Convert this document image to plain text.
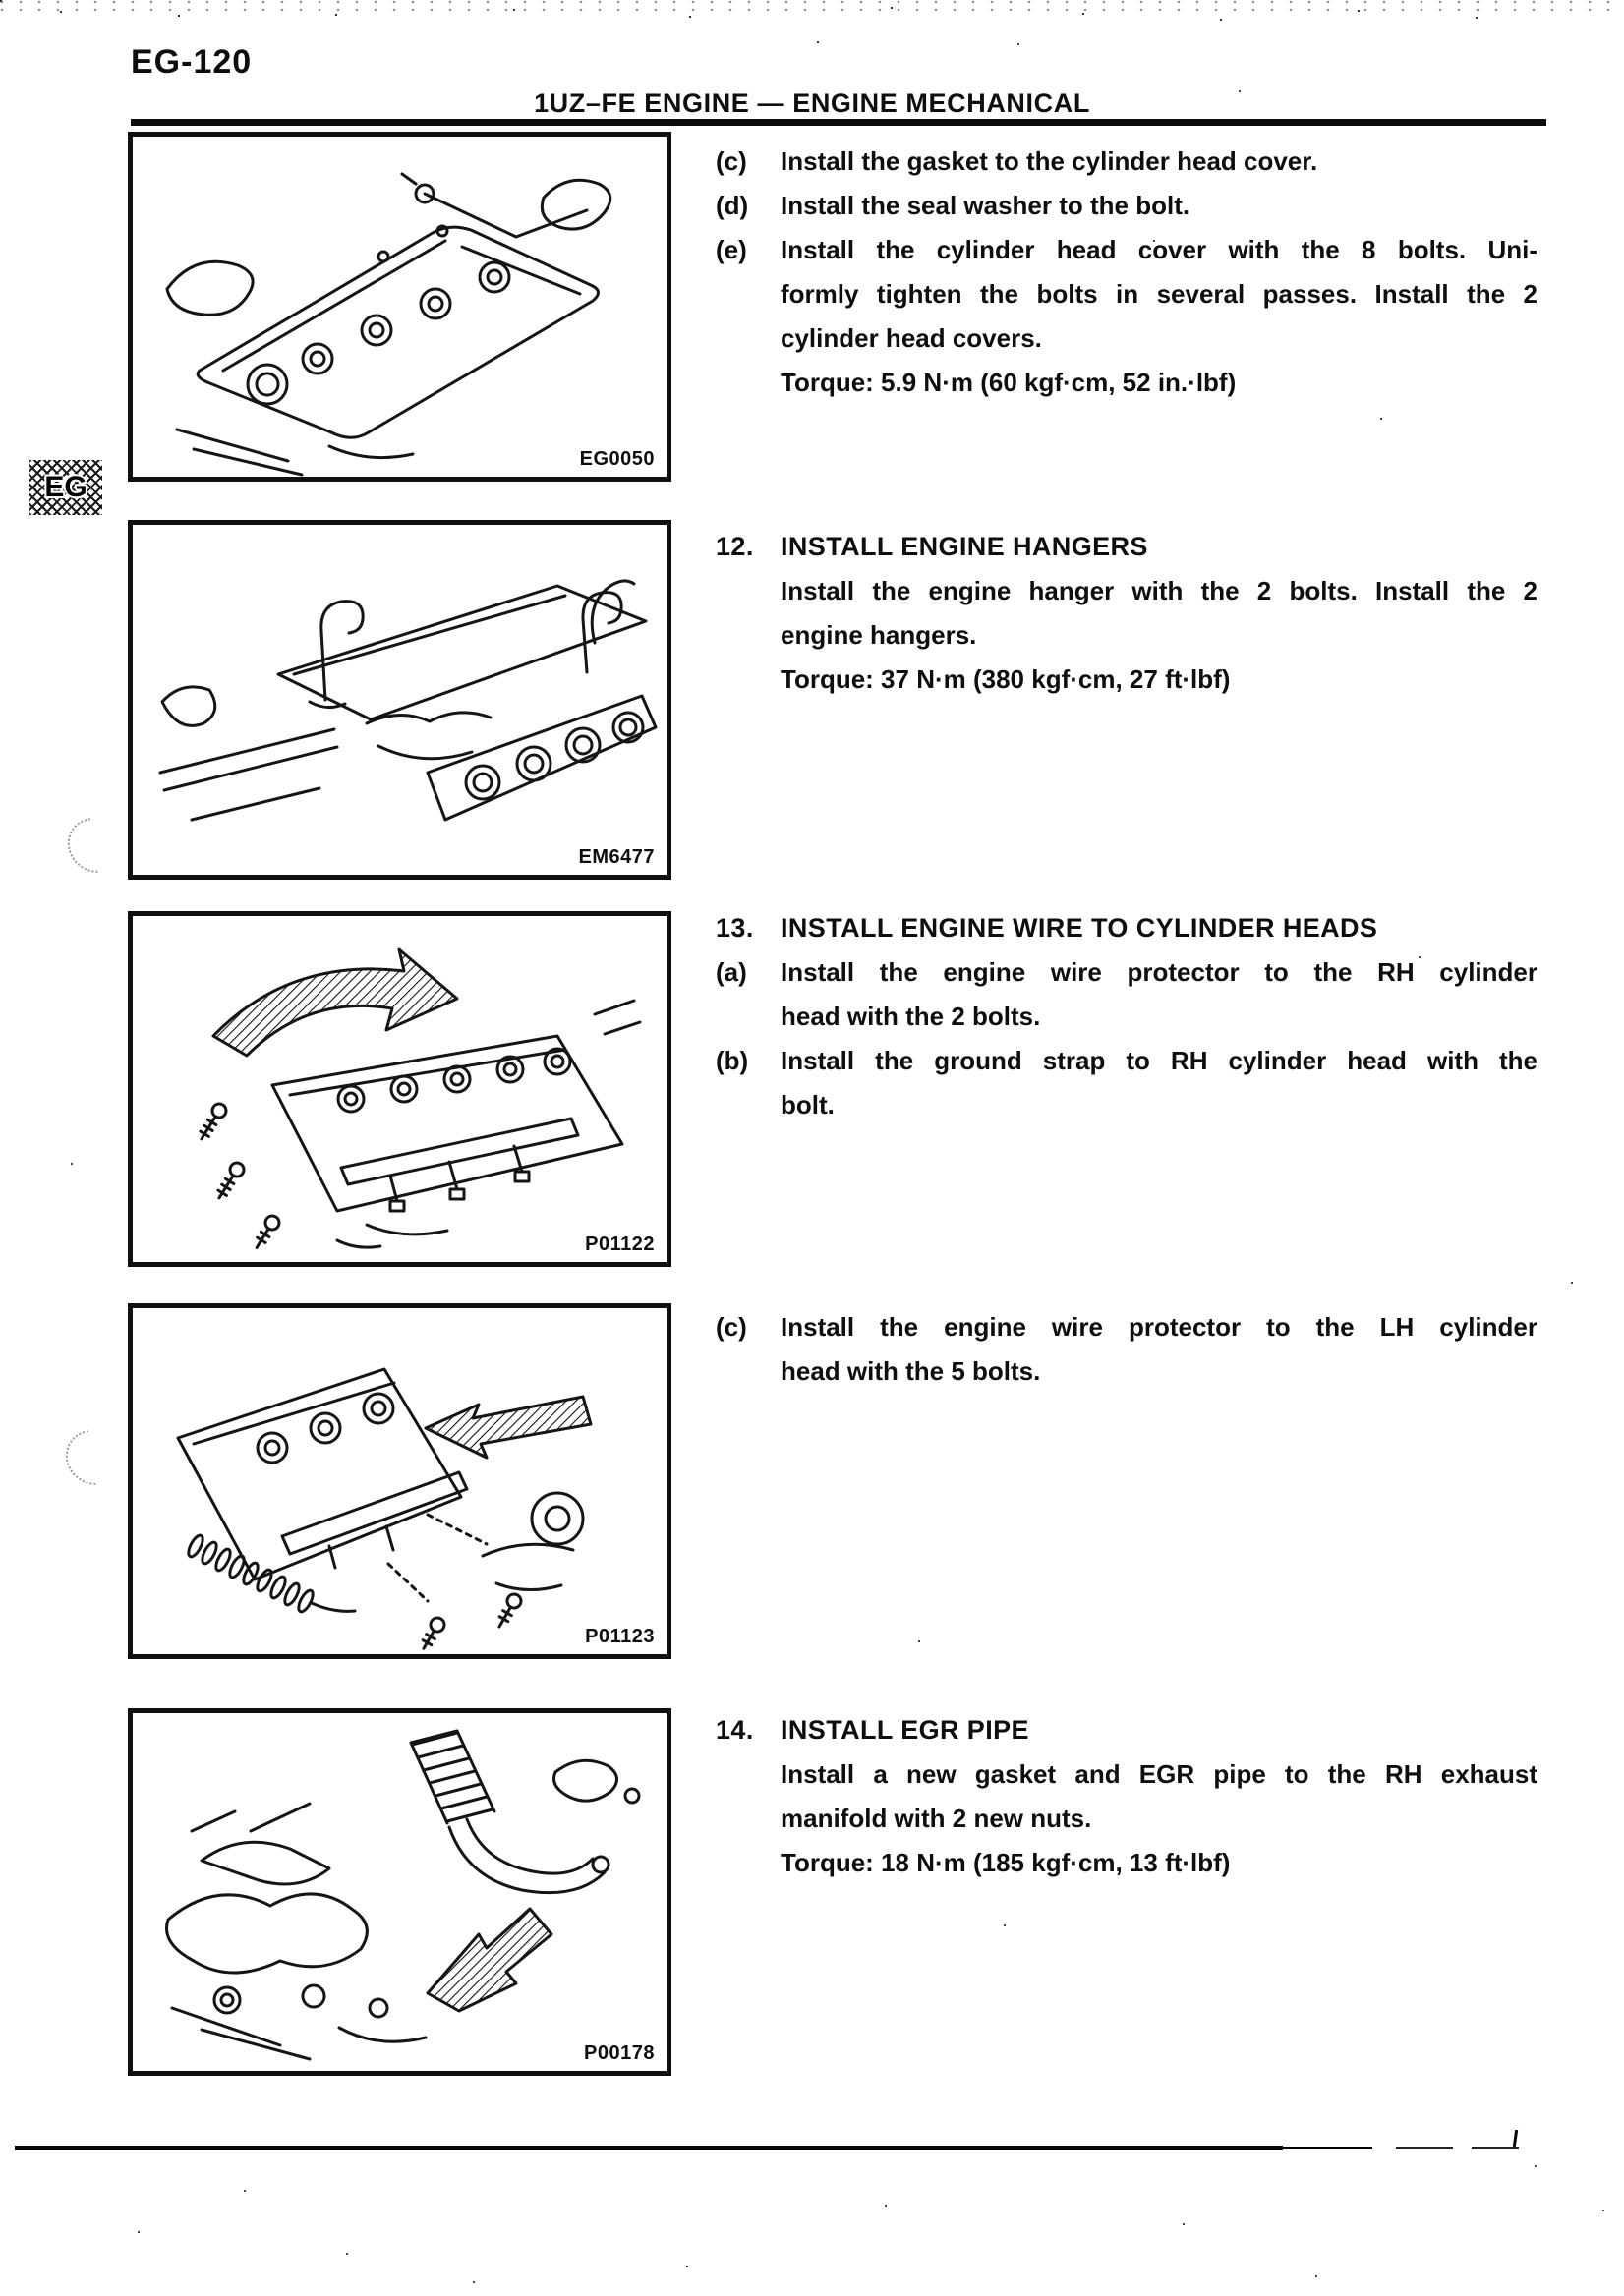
EG-120
1UZ–FE ENGINE — ENGINE MECHANICAL
EG
EG0050
EM6477
P01122
P01123
P00178
(c)	Install the gasket to the cylinder head cover.
(d)	Install the seal washer to the bolt.
(e)	Install the cylinder head cover with the 8 bolts. Uni-
formly tighten the bolts in several passes. Install the 2
cylinder head covers.
Torque: 5.9 N·m (60 kgf·cm, 52 in.·lbf)
12.	INSTALL ENGINE HANGERS
Install the engine hanger with the 2 bolts. Install the 2
engine hangers.
Torque: 37 N·m (380 kgf·cm, 27 ft·lbf)
13.	INSTALL ENGINE WIRE TO CYLINDER HEADS
(a)	Install the engine wire protector to the RH cylinder
head with the 2 bolts.
(b)	Install the ground strap to RH cylinder head with the
bolt.
(c)	Install the engine wire protector to the LH cylinder
head with the 5 bolts.
14.	INSTALL EGR PIPE
Install a new gasket and EGR pipe to the RH exhaust
manifold with 2 new nuts.
Torque: 18 N·m (185 kgf·cm, 13 ft·lbf)
